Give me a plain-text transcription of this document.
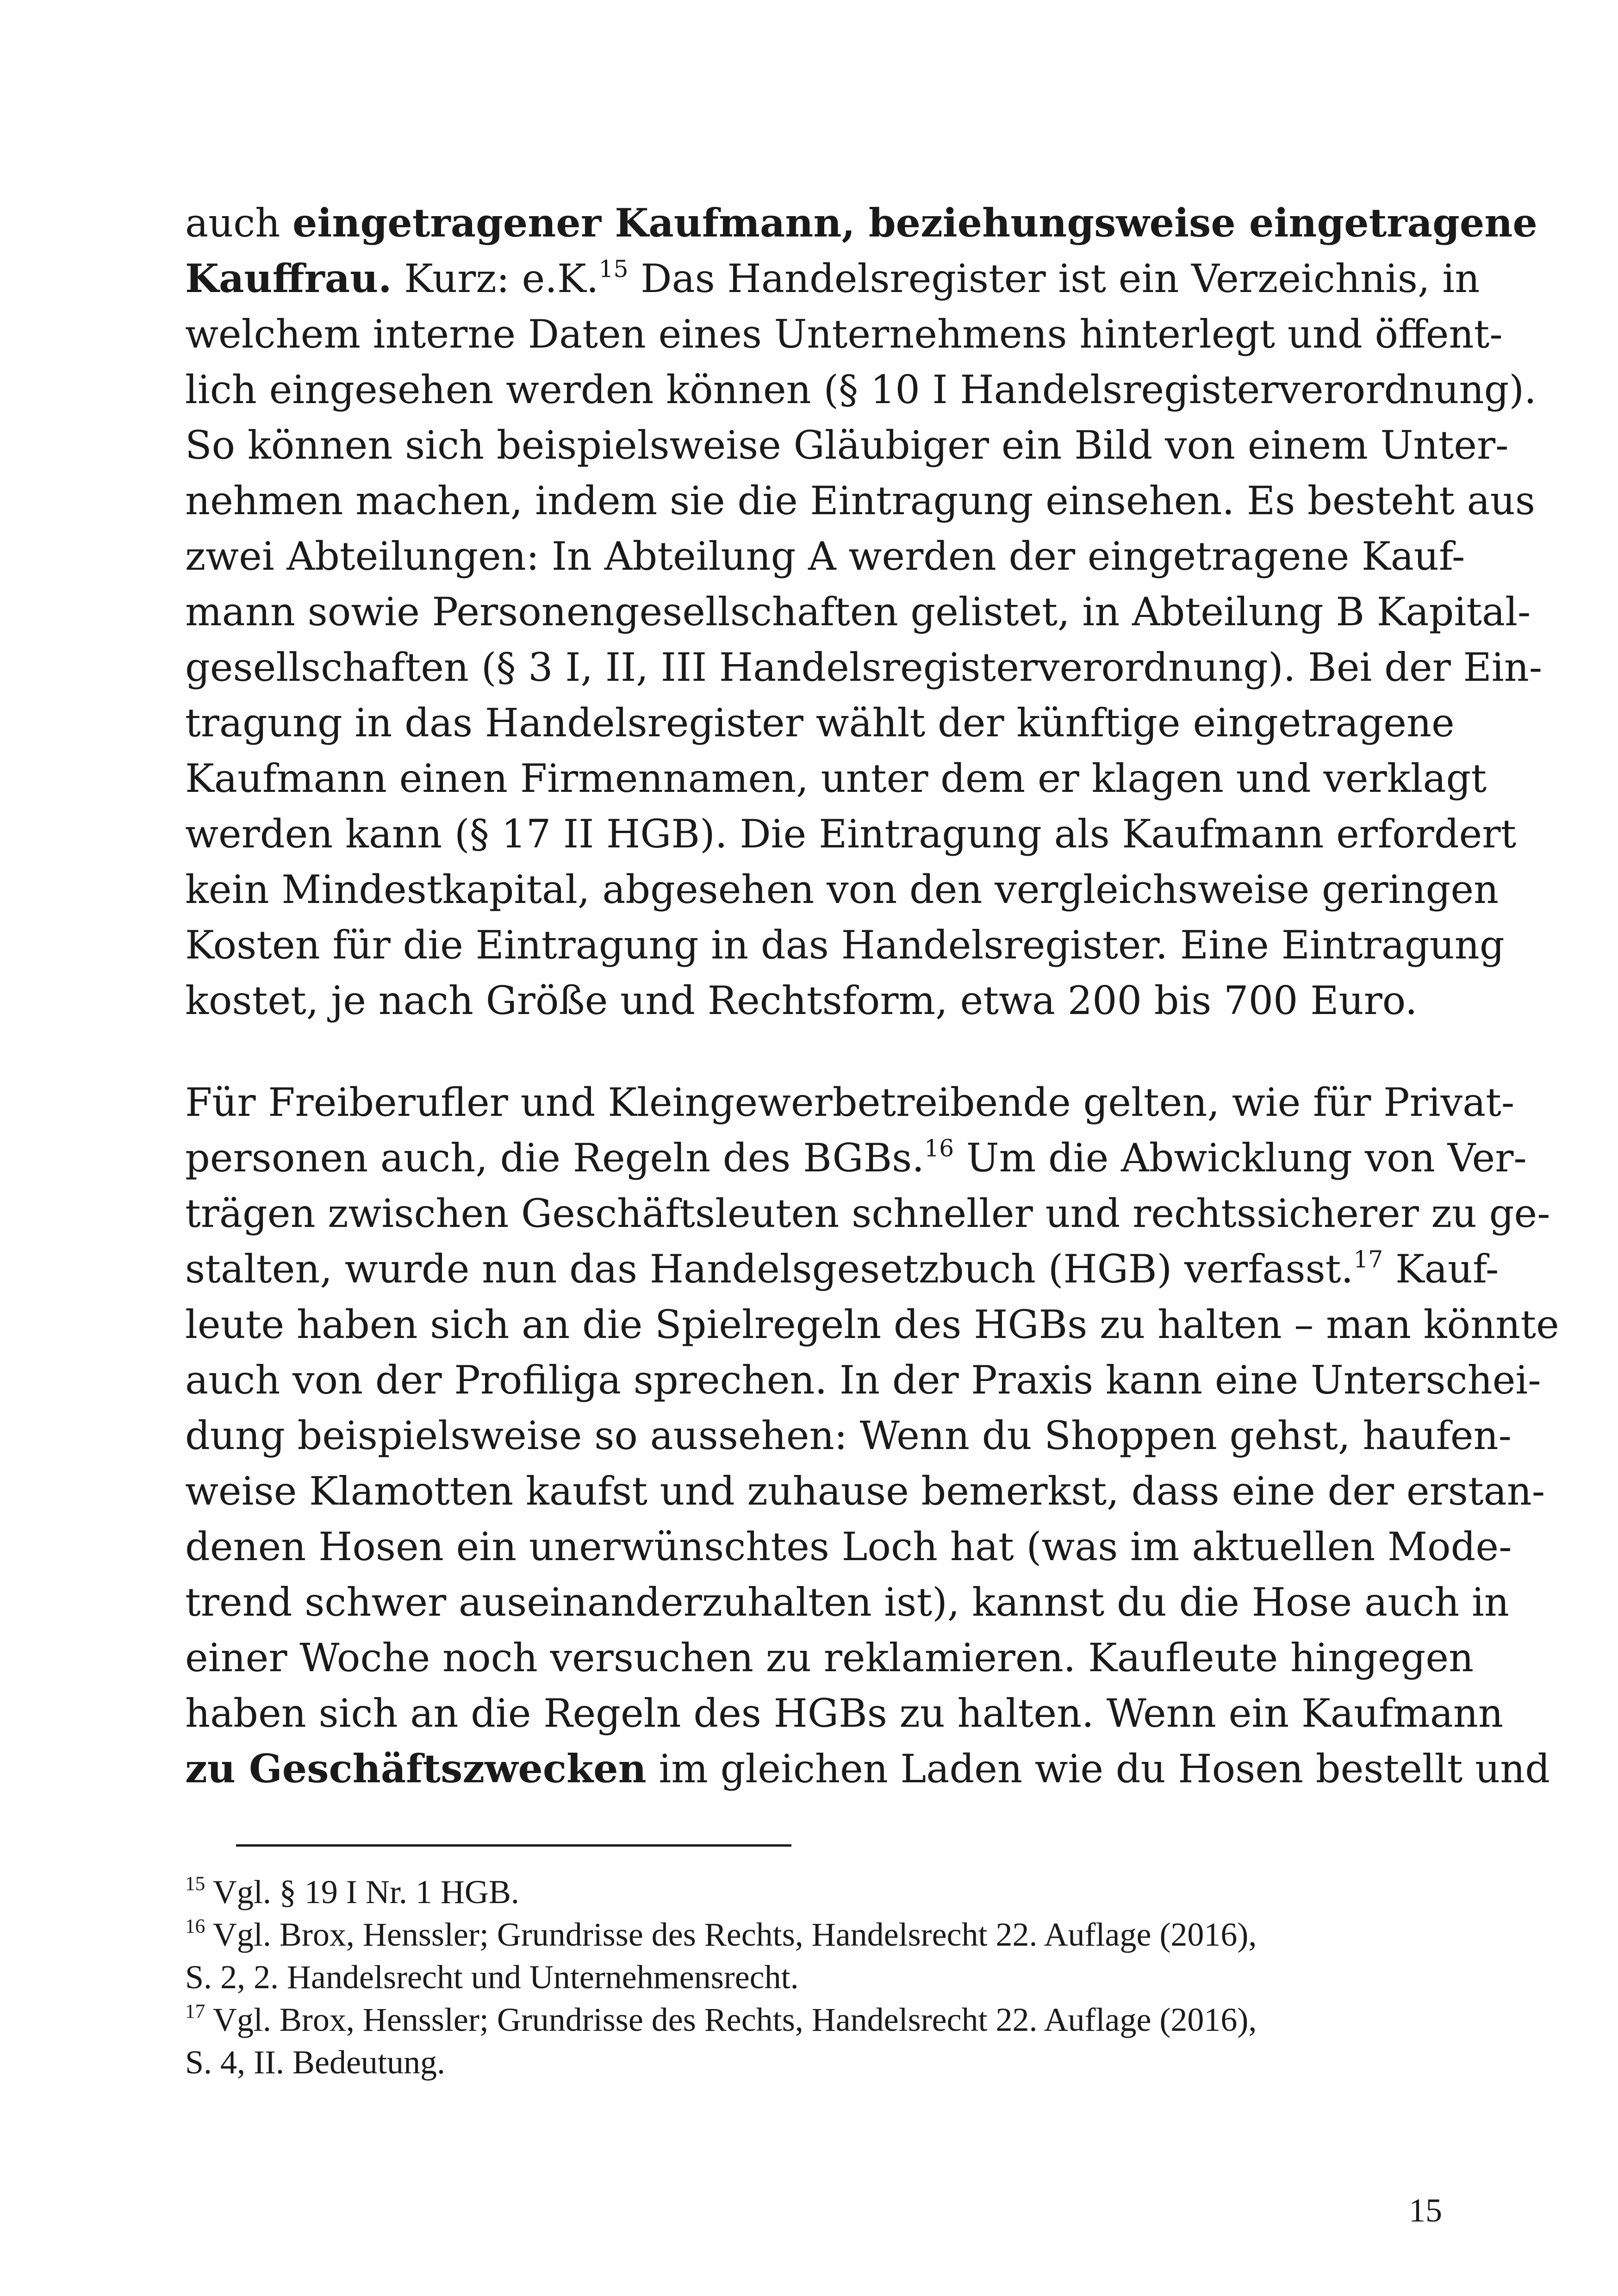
auch eingetragener Kaufmann, beziehungsweise eingetragene
Kauffrau. Kurz: e.K.$^{15}$ Das Handelsregister ist ein Verzeichnis, in
welchem interne Daten eines Unternehmens hinterlegt und öffent-
lich eingesehen werden können (§ 10 I Handelsregisterverordnung).
So können sich beispielsweise Gläubiger ein Bild von einem Unter-
nehmen machen, indem sie die Eintragung einsehen. Es besteht aus
zwei Abteilungen: In Abteilung A werden der eingetragene Kauf-
mann sowie Personengesellschaften gelistet, in Abteilung B Kapital-
gesellschaften (§ 3 I, II, III Handelsregisterverordnung). Bei der Ein-
tragung in das Handelsregister wählt der künftige eingetragene
Kaufmann einen Firmennamen, unter dem er klagen und verklagt
werden kann (§ 17 II HGB). Die Eintragung als Kaufmann erfordert
kein Mindestkapital, abgesehen von den vergleichsweise geringen
Kosten für die Eintragung in das Handelsregister. Eine Eintragung
kostet, je nach Größe und Rechtsform, etwa 200 bis 700 Euro.

Für Freiberufler und Kleingewerbetreibende gelten, wie für Privat-
personen auch, die Regeln des BGBs.$^{16}$ Um die Abwicklung von Ver-
trägen zwischen Geschäftsleuten schneller und rechtssicherer zu ge-
stalten, wurde nun das Handelsgesetzbuch (HGB) verfasst.$^{17}$ Kauf-
leute haben sich an die Spielregeln des HGBs zu halten – man könnte
auch von der Profiliga sprechen. In der Praxis kann eine Unterschei-
dung beispielsweise so aussehen: Wenn du Shoppen gehst, haufen-
weise Klamotten kaufst und zuhause bemerkst, dass eine der erstan-
denen Hosen ein unerwünschtes Loch hat (was im aktuellen Mode-
trend schwer auseinanderzuhalten ist), kannst du die Hose auch in
einer Woche noch versuchen zu reklamieren. Kaufleute hingegen
haben sich an die Regeln des HGBs zu halten. Wenn ein Kaufmann
zu Geschäftszwecken im gleichen Laden wie du Hosen bestellt und

$^{15}$ Vgl. § 19 I Nr. 1 HGB.
$^{16}$ Vgl. Brox, Henssler; Grundrisse des Rechts, Handelsrecht 22. Auflage (2016),
S. 2, 2. Handelsrecht und Unternehmensrecht.
$^{17}$ Vgl. Brox, Henssler; Grundrisse des Rechts, Handelsrecht 22. Auflage (2016),
S. 4, II. Bedeutung.
15
